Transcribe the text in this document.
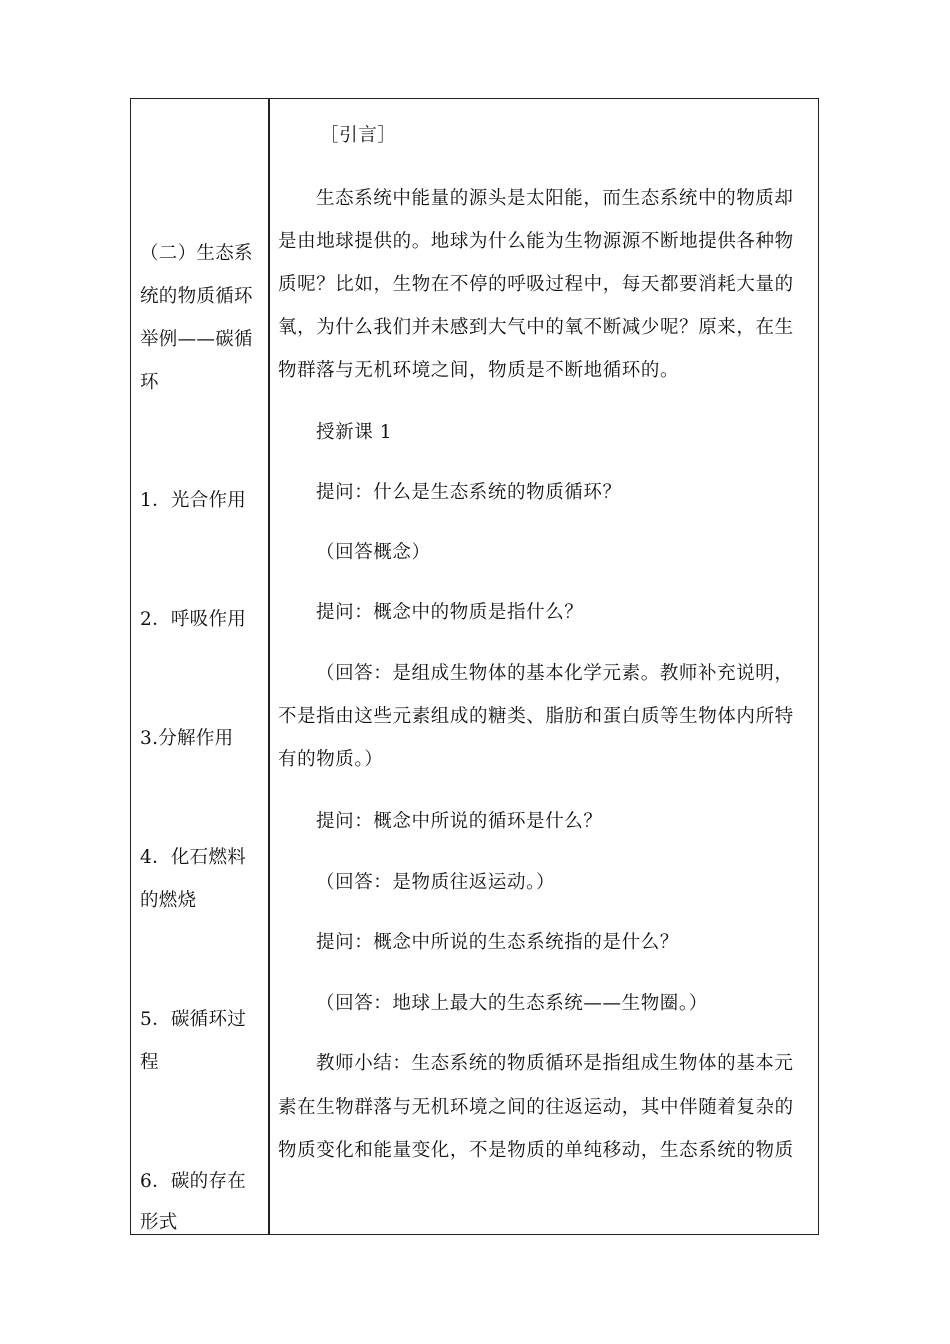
（二）生态系
统的物质循环
举例——碳循
环
1．光合作用
2．呼吸作用
3.分解作用
4．化石燃料
的燃烧
5．碳循环过
程
6．碳的存在
形式
［引言］
生态系统中能量的源头是太阳能，而生态系统中的物质却
是由地球提供的。地球为什么能为生物源源不断地提供各种物
质呢？比如，生物在不停的呼吸过程中，每天都要消耗大量的
氧，为什么我们并未感到大气中的氧不断减少呢？原来，在生
物群落与无机环境之间，物质是不断地循环的。
授新课 1
提问：什么是生态系统的物质循环？
（回答概念）
提问：概念中的物质是指什么？
（回答：是组成生物体的基本化学元素。教师补充说明，
不是指由这些元素组成的糖类、脂肪和蛋白质等生物体内所特
有的物质。）
提问：概念中所说的循环是什么？
（回答：是物质往返运动。）
提问：概念中所说的生态系统指的是什么？
（回答：地球上最大的生态系统——生物圈。）
教师小结：生态系统的物质循环是指组成生物体的基本元
素在生物群落与无机环境之间的往返运动，其中伴随着复杂的
物质变化和能量变化，不是物质的单纯移动，生态系统的物质
